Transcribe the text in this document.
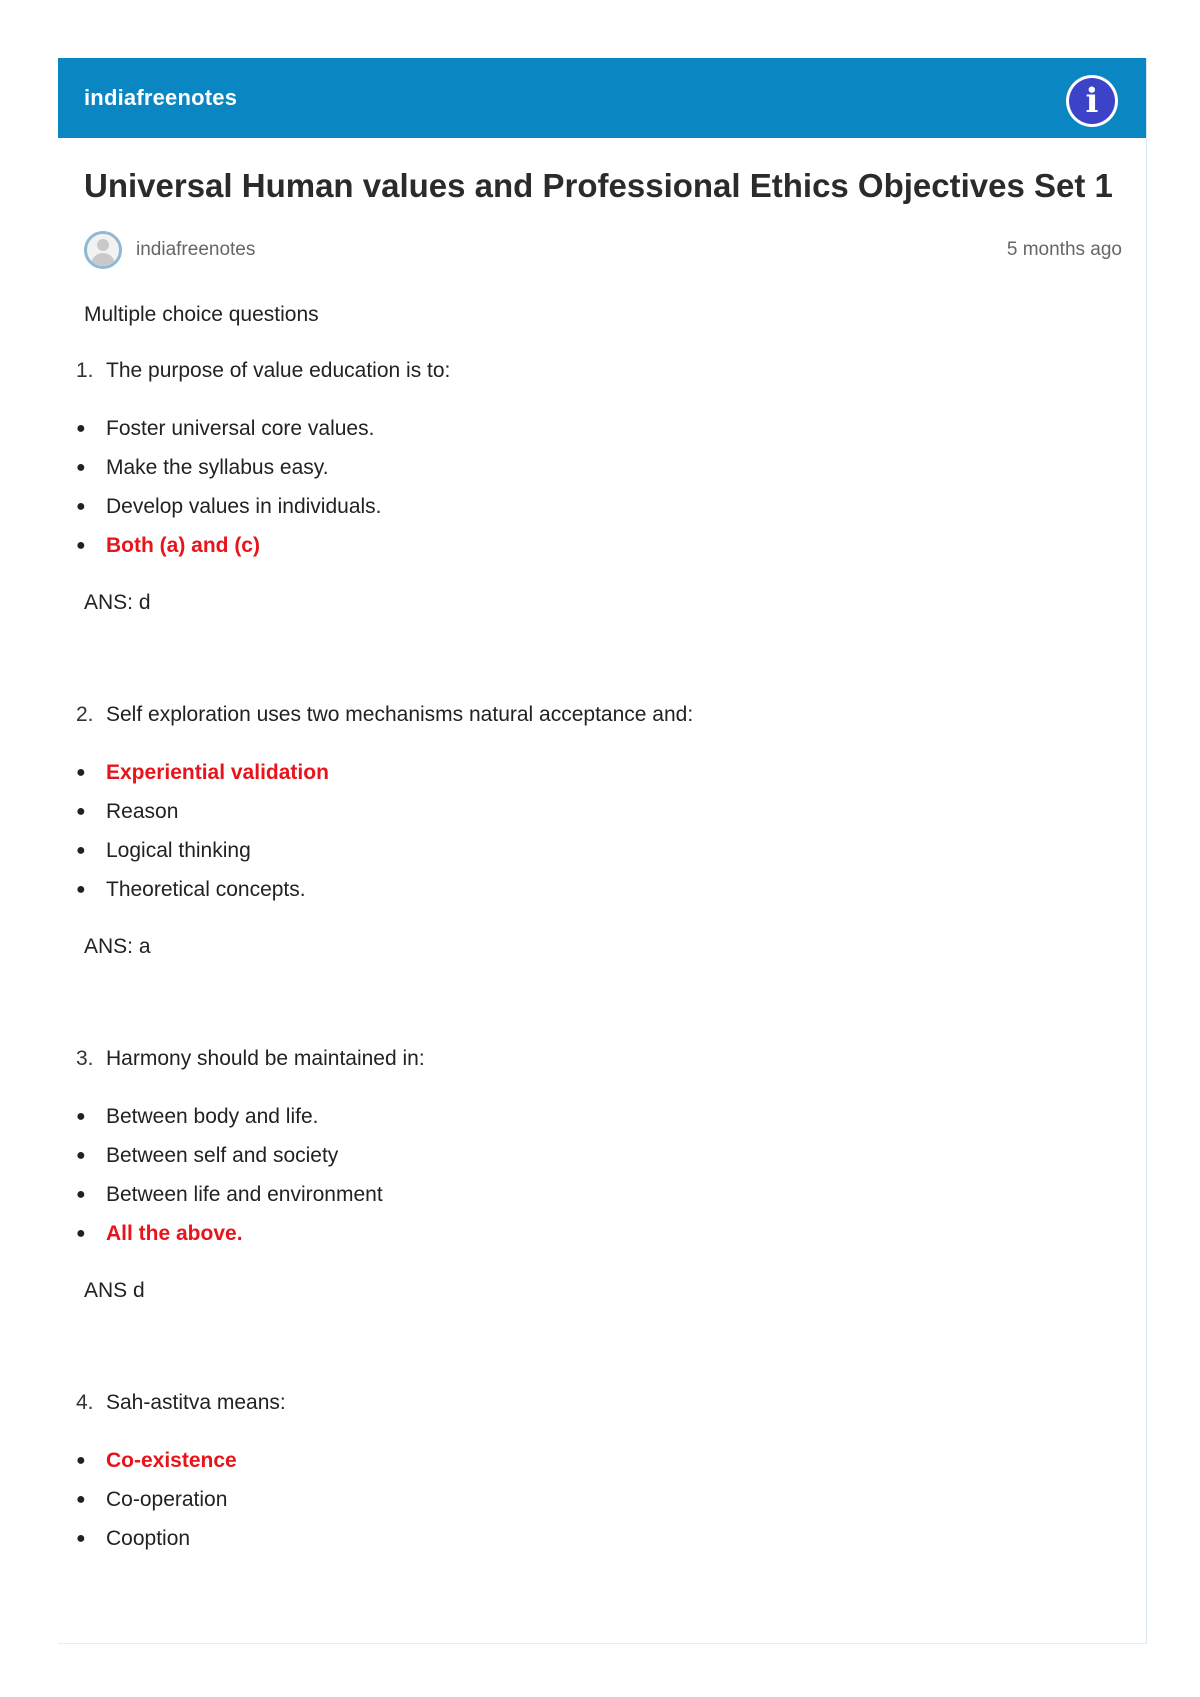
indiafreenotes	i
Universal Human values and Professional Ethics Objectives Set 1
indiafreenotes	5 months ago
Multiple choice questions
1. The purpose of value education is to:
● Foster universal core values.
● Make the syllabus easy.
● Develop values in individuals.
● Both (a) and (c)
ANS: d
2. Self exploration uses two mechanisms natural acceptance and:
● Experiential validation
● Reason
● Logical thinking
● Theoretical concepts.
ANS: a
3. Harmony should be maintained in:
● Between body and life.
● Between self and society
● Between life and environment
● All the above.
ANS d
4. Sah-astitva means:
● Co-existence
● Co-operation
● Cooption
